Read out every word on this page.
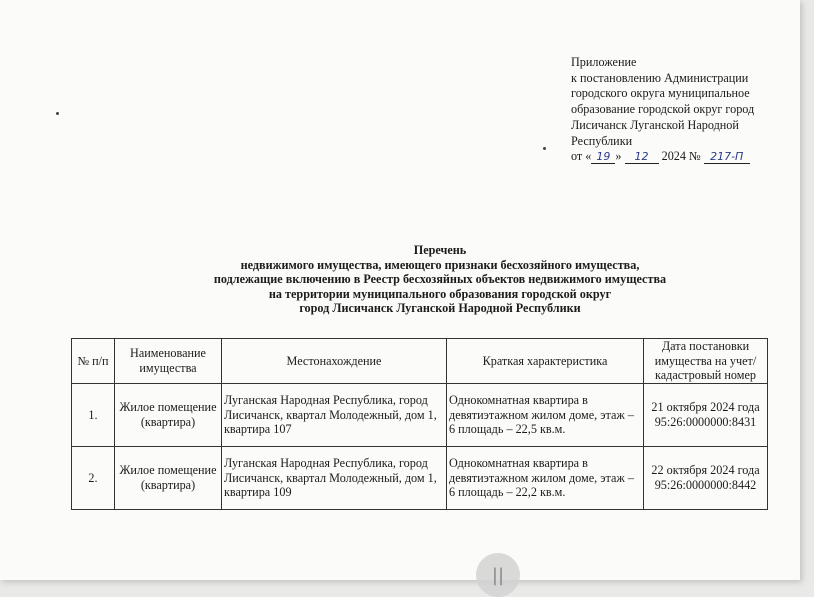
Приложение
к постановлению Администрации
городского округа муниципальное
образование городской округ город
Лисичанск Луганской Народной
Республики
от « 19 » 12 2024 № 217-П
Перечень
недвижимого имущества, имеющего признаки бесхозяйного имущества,
подлежащие включению в Реестр бесхозяйных объектов недвижимого имущества
на территории муниципального образования городской округ
город Лисичанск Луганской Народной Республики
№ п/п	Наименование имущества	Местонахождение	Краткая характеристика	Дата постановки имущества на учет/ кадастровый номер
1.	Жилое помещение (квартира)	Луганская Народная Республика, город Лисичанск, квартал Молодежный, дом 1, квартира 107	Однокомнатная квартира в девятиэтажном жилом доме, этаж – 6 площадь – 22,5 кв.м.	21 октября 2024 года 95:26:0000000:8431
2.	Жилое помещение (квартира)	Луганская Народная Республика, город Лисичанск, квартал Молодежный, дом 1, квартира 109	Однокомнатная квартира в девятиэтажном жилом доме, этаж – 6 площадь – 22,2 кв.м.	22 октября 2024 года 95:26:0000000:8442
||
